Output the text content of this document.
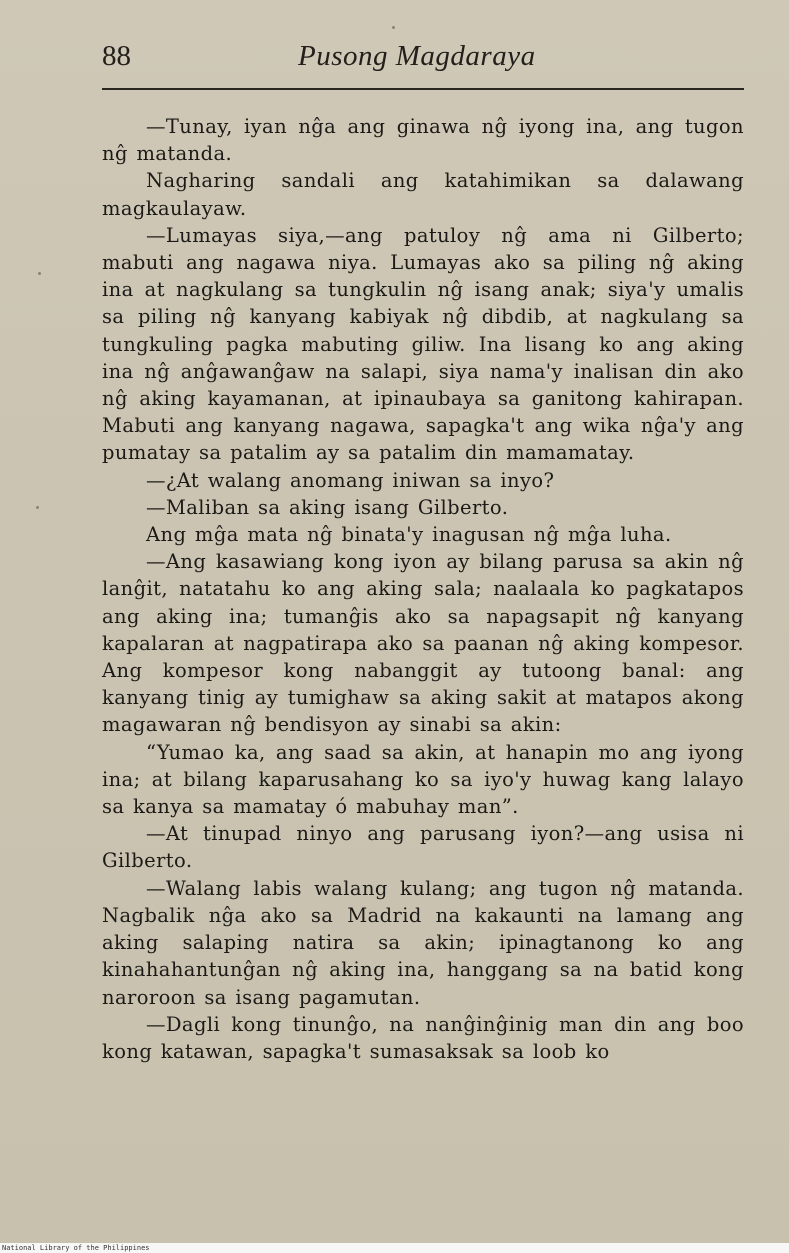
88	Pusong Magdaraya

—Tunay, iyan nĝa ang ginawa nĝ iyong ina, ang tugon nĝ matanda.

Nagharing sandali ang katahimikan sa dalawang magkaulayaw.

—Lumayas siya,—ang patuloy nĝ ama ni Gilberto; mabuti ang nagawa niya. Lumayas ako sa piling nĝ aking ina at nagkulang sa tungkulin nĝ isang anak; siya'y umalis sa piling nĝ kanyang kabiyak nĝ dibdib, at nagkulang sa tungkuling pagka mabuting giliw. Ina lisang ko ang aking ina nĝ anĝawanĝaw na salapi, siya nama'y inalisan din ako nĝ aking kayamanan, at ipinaubaya sa ganitong kahirapan. Mabuti ang kanyang nagawa, sapagka't ang wika nĝa'y ang pumatay sa patalim ay sa patalim din mamamatay.

—¿At walang anomang iniwan sa inyo?

—Maliban sa aking isang Gilberto.

Ang mĝa mata nĝ binata'y inagusan nĝ mĝa luha.

—Ang kasawiang kong iyon ay bilang parusa sa akin nĝ lanĝit, natatahu ko ang aking sala; naalaala ko pagkatapos ang aking ina; tumanĝis ako sa napagsapit nĝ kanyang kapalaran at nagpatirapa ako sa paanan nĝ aking kompesor. Ang kompesor kong nabanggit ay tutoong banal: ang kanyang tinig ay tumighaw sa aking sakit at matapos akong magawaran nĝ bendisyon ay sinabi sa akin:

“Yumao ka, ang saad sa akin, at hanapin mo ang iyong ina; at bilang kaparusahang ko sa iyo'y huwag kang lalayo sa kanya sa mamatay ó mabuhay man”.

—At tinupad ninyo ang parusang iyon?—ang usisa ni Gilberto.

—Walang labis walang kulang; ang tugon nĝ matanda. Nagbalik nĝa ako sa Madrid na kakaunti na lamang ang aking salaping natira sa akin; ipinagtanong ko ang kinahahantunĝan nĝ aking ina, hanggang sa na batid kong naroroon sa isang pagamutan.

—Dagli kong tinunĝo, na nanĝinĝinig man din ang boo kong katawan, sapagka't sumasaksak sa loob ko

National Library of the Philippines
